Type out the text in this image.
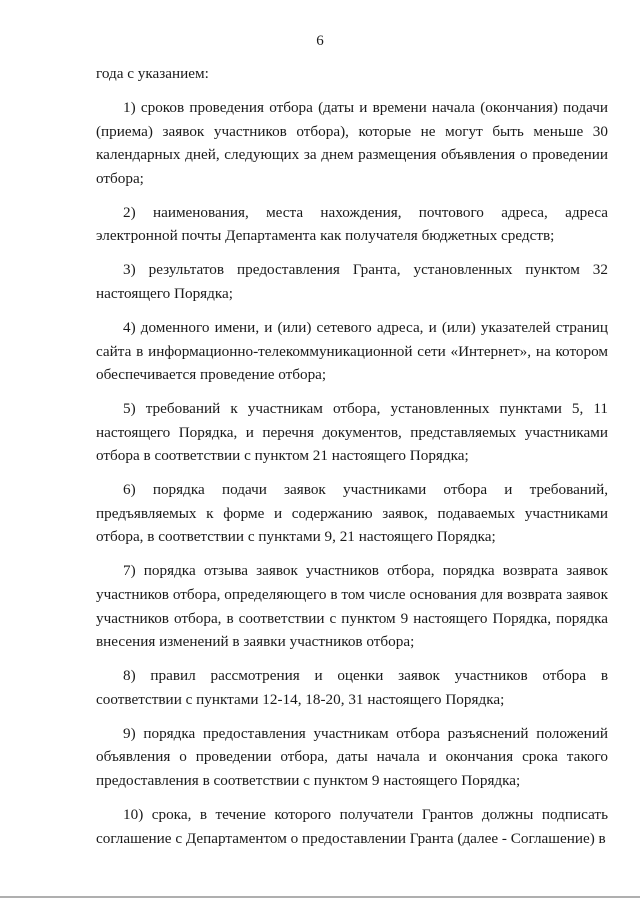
6

года с указанием:

1) сроков проведения отбора (даты и времени начала (окончания) подачи (приема) заявок участников отбора), которые не могут быть меньше 30 календарных дней, следующих за днем размещения объявления о проведении отбора;

2) наименования, места нахождения, почтового адреса, адреса электронной почты Департамента как получателя бюджетных средств;

3) результатов предоставления Гранта, установленных пунктом 32 настоящего Порядка;

4) доменного имени, и (или) сетевого адреса, и (или) указателей страниц сайта в информационно-телекоммуникационной сети «Интернет», на котором обеспечивается проведение отбора;

5) требований к участникам отбора, установленных пунктами 5, 11 настоящего Порядка, и перечня документов, представляемых участниками отбора в соответствии с пунктом 21 настоящего Порядка;

6) порядка подачи заявок участниками отбора и требований, предъявляемых к форме и содержанию заявок, подаваемых участниками отбора, в соответствии с пунктами 9, 21 настоящего Порядка;

7) порядка отзыва заявок участников отбора, порядка возврата заявок участников отбора, определяющего в том числе основания для возврата заявок участников отбора, в соответствии с пунктом 9 настоящего Порядка, порядка внесения изменений в заявки участников отбора;

8) правил рассмотрения и оценки заявок участников отбора в соответствии с пунктами 12-14, 18-20, 31 настоящего Порядка;

9) порядка предоставления участникам отбора разъяснений положений объявления о проведении отбора, даты начала и окончания срока такого предоставления в соответствии с пунктом 9 настоящего Порядка;

10) срока, в течение которого получатели Грантов должны подписать соглашение с Департаментом о предоставлении Гранта (далее - Соглашение) в
